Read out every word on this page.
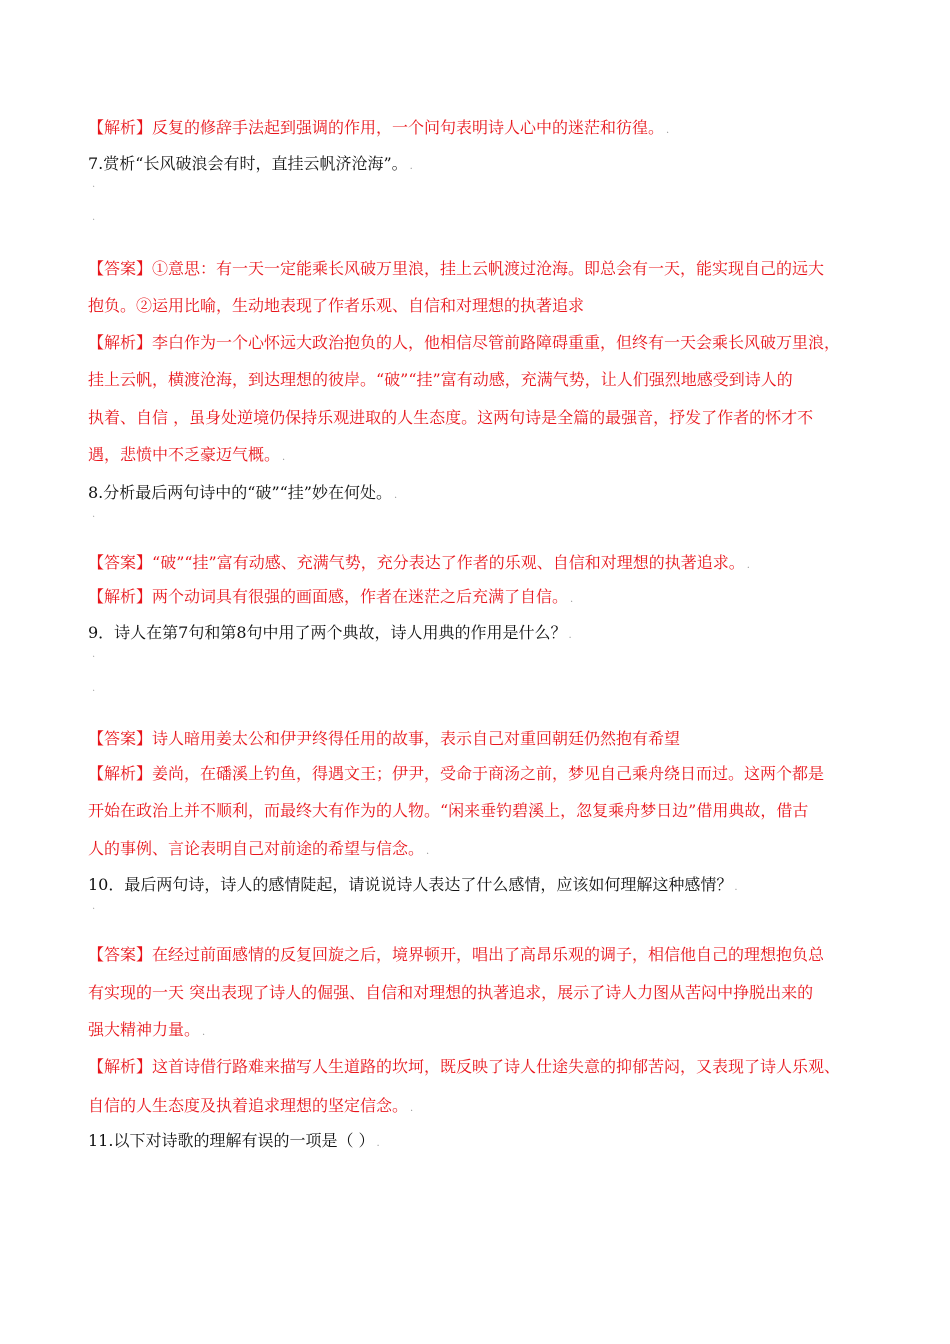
【解析】反复的修辞手法起到强调的作用，一个问句表明诗人心中的迷茫和彷徨。 .
7.赏析“长风破浪会有时，直挂云帆济沧海”。 .
.
.
【答案】①意思：有一天一定能乘长风破万里浪，挂上云帆渡过沧海。即总会有一天，能实现自己的远大
抱负。②运用比喻，生动地表现了作者乐观、自信和对理想的执著追求
【解析】李白作为一个心怀远大政治抱负的人，他相信尽管前路障碍重重，但终有一天会乘长风破万里浪，
挂上云帆，横渡沧海，到达理想的彼岸。“破”“挂”富有动感，充满气势，让人们强烈地感受到诗人的
执着、自信 ，虽身处逆境仍保持乐观进取的人生态度。这两句诗是全篇的最强音，抒发了作者的怀才不
遇，悲愤中不乏豪迈气概。 .
8.分析最后两句诗中的“破”“挂”妙在何处。 .
.
【答案】“破”“挂”富有动感、充满气势，充分表达了作者的乐观、自信和对理想的执著追求。 .
【解析】两个动词具有很强的画面感，作者在迷茫之后充满了自信。 .
9．诗人在第7句和第8句中用了两个典故，诗人用典的作用是什么？ .
.
.
【答案】诗人暗用姜太公和伊尹终得任用的故事，表示自己对重回朝廷仍然抱有希望
【解析】姜尚，在磻溪上钓鱼，得遇文王；伊尹，受命于商汤之前，梦见自己乘舟绕日而过。这两个都是
开始在政治上并不顺利，而最终大有作为的人物。“闲来垂钓碧溪上，忽复乘舟梦日边”借用典故，借古
人的事例、言论表明自己对前途的希望与信念。 .
10．最后两句诗，诗人的感情陡起，请说说诗人表达了什么感情，应该如何理解这种感情？ .
.
【答案】在经过前面感情的反复回旋之后，境界顿开，唱出了高昂乐观的调子，相信他自己的理想抱负总
有实现的一天 突出表现了诗人的倔强、自信和对理想的执著追求，展示了诗人力图从苦闷中挣脱出来的
强大精神力量。 .
【解析】这首诗借行路难来描写人生道路的坎坷，既反映了诗人仕途失意的抑郁苦闷，又表现了诗人乐观、
自信的人生态度及执着追求理想的坚定信念。 .
11.以下对诗歌的理解有误的一项是（ ） .
